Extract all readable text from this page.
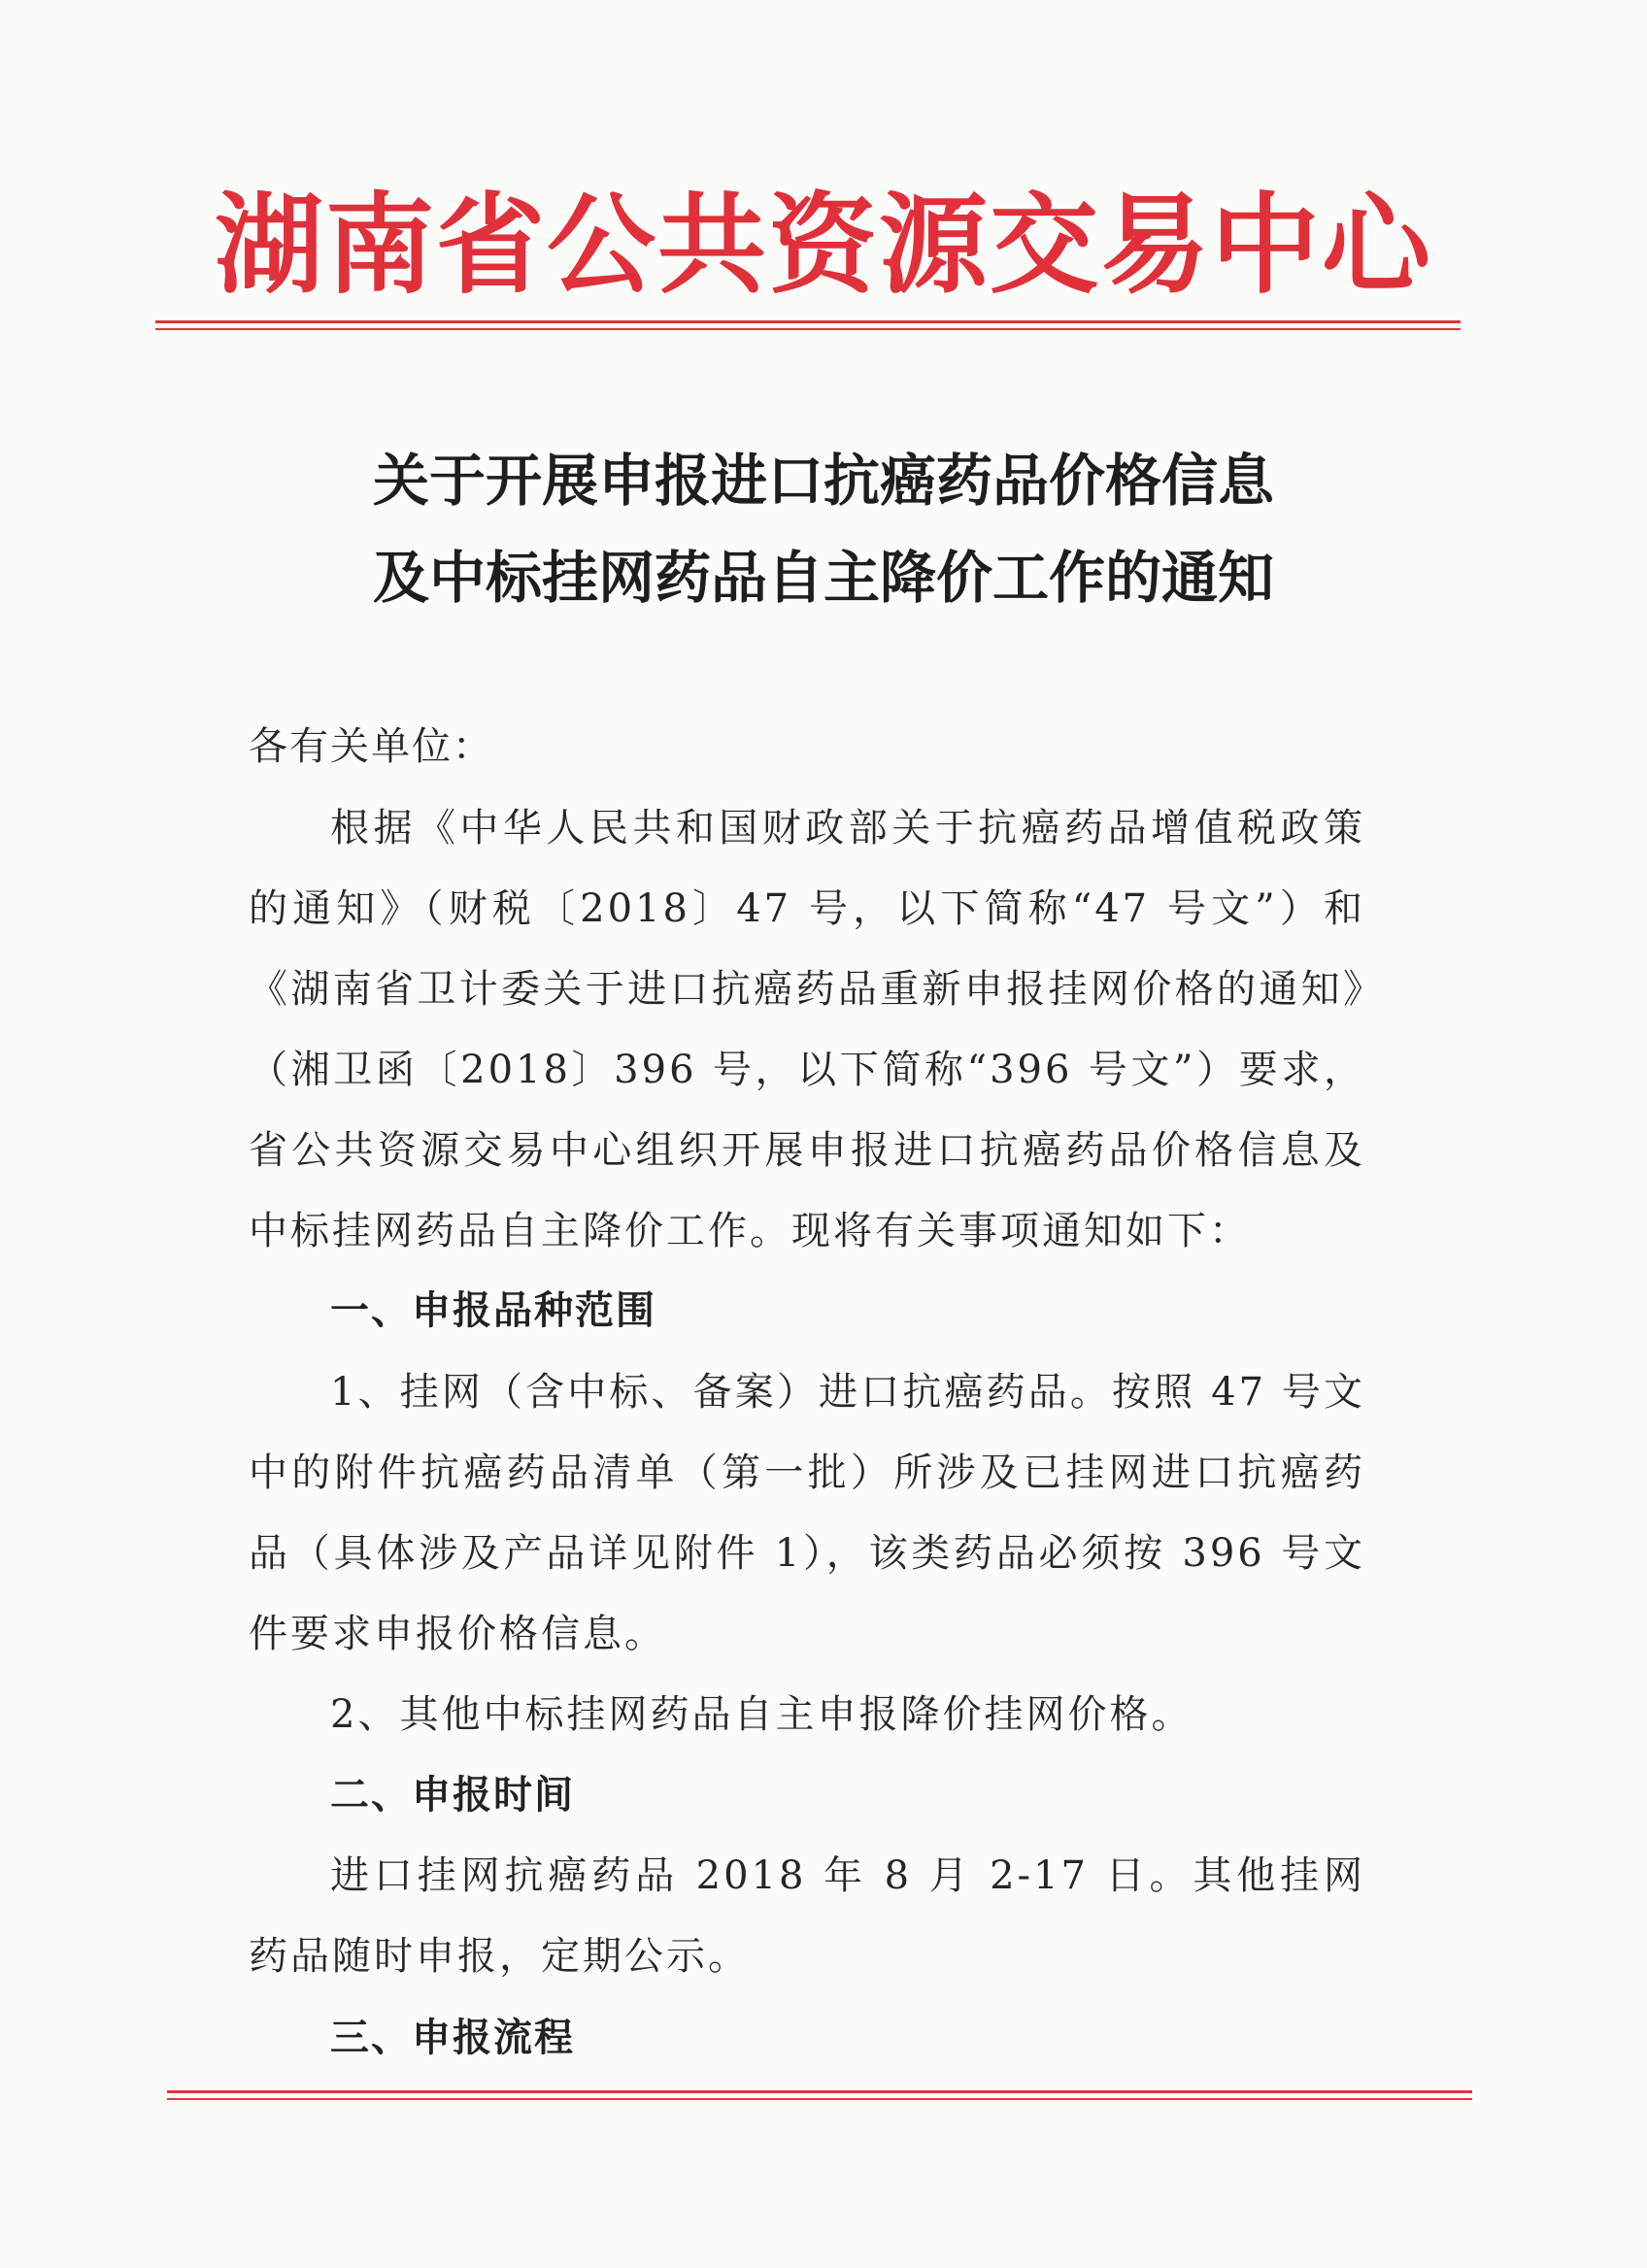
湖南省公共资源交易中心
关于开展申报进口抗癌药品价格信息
及中标挂网药品自主降价工作的通知
各有关单位：
根据《中华人民共和国财政部关于抗癌药品增值税政策的通知》（财税〔2018〕47 号，以下简称“47 号文”）和《湖南省卫计委关于进口抗癌药品重新申报挂网价格的通知》（湘卫函〔2018〕396 号，以下简称“396 号文”）要求，省公共资源交易中心组织开展申报进口抗癌药品价格信息及中标挂网药品自主降价工作。现将有关事项通知如下：
一、申报品种范围
1、挂网（含中标、备案）进口抗癌药品。按照 47 号文中的附件抗癌药品清单（第一批）所涉及已挂网进口抗癌药品（具体涉及产品详见附件 1），该类药品必须按 396 号文件要求申报价格信息。
2、其他中标挂网药品自主申报降价挂网价格。
二、申报时间
进口挂网抗癌药品 2018 年 8 月 2-17 日。其他挂网药品随时申报，定期公示。
三、申报流程
